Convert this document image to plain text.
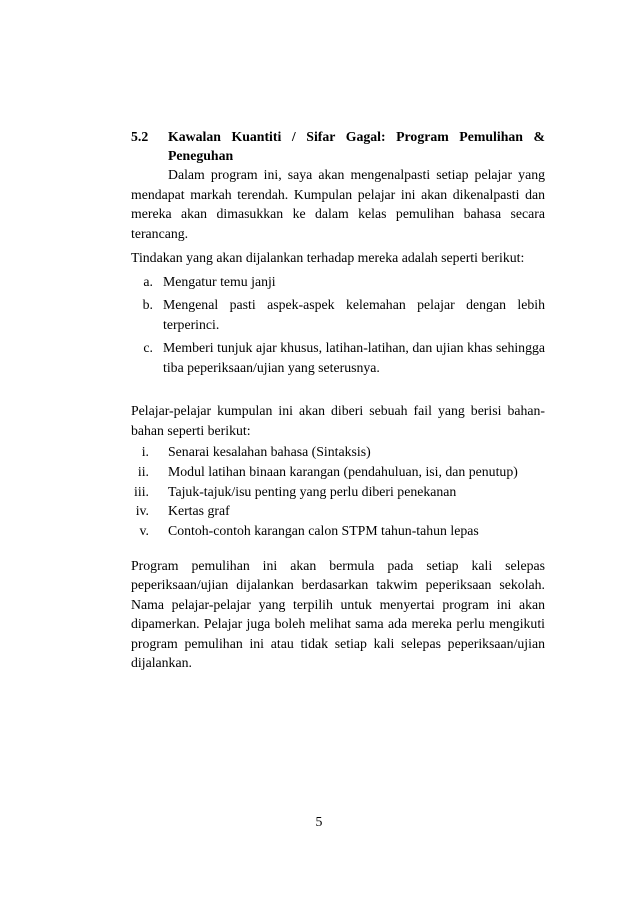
5.2	Kawalan Kuantiti / Sifar Gagal: Program Pemulihan & Peneguhan

Dalam program ini, saya akan mengenalpasti setiap pelajar yang mendapat markah terendah. Kumpulan pelajar ini akan dikenalpasti dan mereka akan dimasukkan ke dalam kelas pemulihan bahasa secara terancang.

Tindakan yang akan dijalankan terhadap mereka adalah seperti berikut:

a. Mengatur temu janji
b. Mengenal pasti aspek-aspek kelemahan pelajar dengan lebih terperinci.
c. Memberi tunjuk ajar khusus, latihan-latihan, dan ujian khas sehingga tiba peperiksaan/ujian yang seterusnya.

Pelajar-pelajar kumpulan ini akan diberi sebuah fail yang berisi bahan-bahan seperti berikut:

i.	Senarai kesalahan bahasa (Sintaksis)
ii.	Modul latihan binaan karangan (pendahuluan, isi, dan penutup)
iii.	Tajuk-tajuk/isu penting yang perlu diberi penekanan
iv.	Kertas graf
v.	Contoh-contoh karangan calon STPM tahun-tahun lepas

Program pemulihan ini akan bermula pada setiap kali selepas peperiksaan/ujian dijalankan berdasarkan takwim peperiksaan sekolah. Nama pelajar-pelajar yang terpilih untuk menyertai program ini akan dipamerkan. Pelajar juga boleh melihat sama ada mereka perlu mengikuti program pemulihan ini atau tidak setiap kali selepas peperiksaan/ujian dijalankan.

5
